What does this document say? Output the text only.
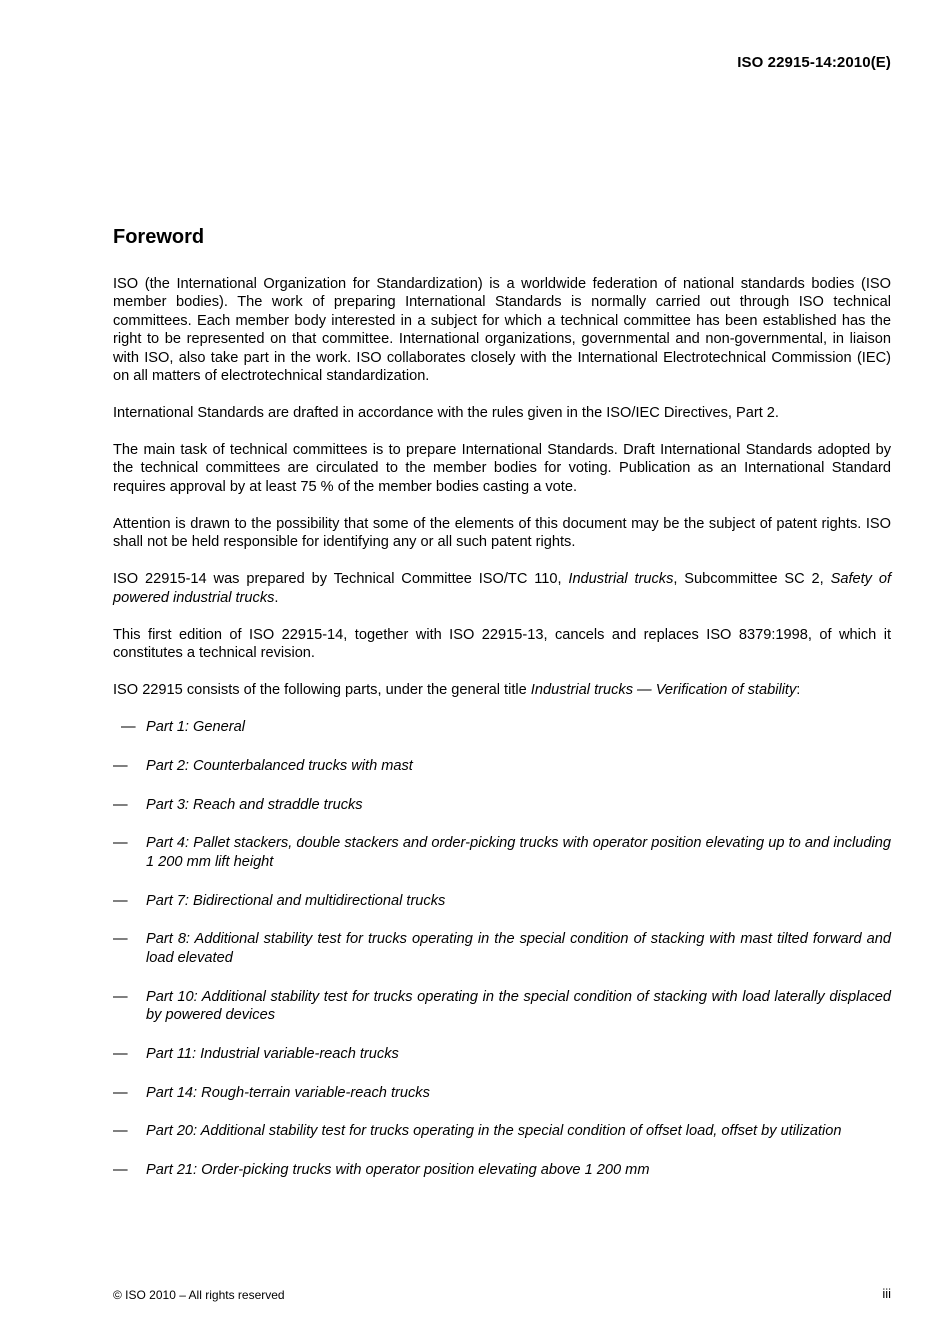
ISO 22915-14:2010(E)
Foreword

ISO (the International Organization for Standardization) is a worldwide federation of national standards bodies (ISO member bodies). The work of preparing International Standards is normally carried out through ISO technical committees. Each member body interested in a subject for which a technical committee has been established has the right to be represented on that committee. International organizations, governmental and non-governmental, in liaison with ISO, also take part in the work. ISO collaborates closely with the International Electrotechnical Commission (IEC) on all matters of electrotechnical standardization.

International Standards are drafted in accordance with the rules given in the ISO/IEC Directives, Part 2.

The main task of technical committees is to prepare International Standards. Draft International Standards adopted by the technical committees are circulated to the member bodies for voting. Publication as an International Standard requires approval by at least 75 % of the member bodies casting a vote.

Attention is drawn to the possibility that some of the elements of this document may be the subject of patent rights. ISO shall not be held responsible for identifying any or all such patent rights.

ISO 22915-14 was prepared by Technical Committee ISO/TC 110, Industrial trucks, Subcommittee SC 2, Safety of powered industrial trucks.

This first edition of ISO 22915-14, together with ISO 22915-13, cancels and replaces ISO 8379:1998, of which it constitutes a technical revision.

ISO 22915 consists of the following parts, under the general title Industrial trucks — Verification of stability:

— Part 1: General
— Part 2: Counterbalanced trucks with mast
— Part 3: Reach and straddle trucks
— Part 4: Pallet stackers, double stackers and order-picking trucks with operator position elevating up to and including 1 200 mm lift height
— Part 7: Bidirectional and multidirectional trucks
— Part 8: Additional stability test for trucks operating in the special condition of stacking with mast tilted forward and load elevated
— Part 10: Additional stability test for trucks operating in the special condition of stacking with load laterally displaced by powered devices
— Part 11: Industrial variable-reach trucks
— Part 14: Rough-terrain variable-reach trucks
— Part 20: Additional stability test for trucks operating in the special condition of offset load, offset by utilization
— Part 21: Order-picking trucks with operator position elevating above 1 200 mm
© ISO 2010 – All rights reserved	iii
